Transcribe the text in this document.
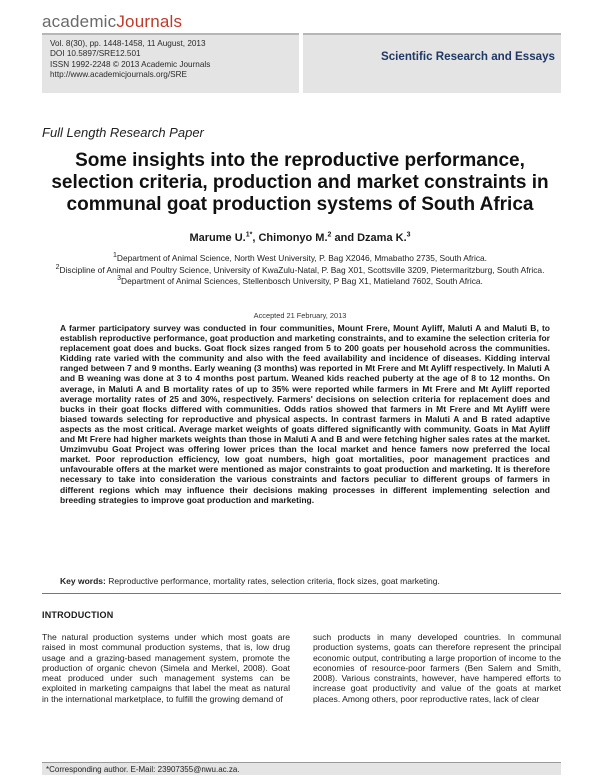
academicJournals
Vol. 8(30), pp. 1448-1458, 11 August, 2013
DOI 10.5897/SRE12.501
ISSN 1992-2248 © 2013 Academic Journals
http://www.academicjournals.org/SRE
Scientific Research and Essays
Full Length Research Paper
Some insights into the reproductive performance, selection criteria, production and market constraints in communal goat production systems of South Africa
Marume U.$^{1*}$, Chimonyo M.$^2$ and Dzama K.$^3$
$^1$Department of Animal Science, North West University, P. Bag X2046, Mmabatho 2735, South Africa.
$^2$Discipline of Animal and Poultry Science, University of KwaZulu-Natal, P. Bag X01, Scottsville 3209, Pietermaritzburg, South Africa.
$^3$Department of Animal Sciences, Stellenbosch University, P Bag X1, Matieland 7602, South Africa.
Accepted 21 February, 2013
A farmer participatory survey was conducted in four communities, Mount Frere, Mount Ayliff, Maluti A and Maluti B, to establish reproductive performance, goat production and marketing constraints, and to examine the selection criteria for replacement goat does and bucks. Goat flock sizes ranged from 5 to 200 goats per household across the communities. Kidding rate varied with the community and also with the feed availability and incidence of diseases. Kidding interval ranged between 7 and 9 months. Early weaning (3 months) was reported in Mt Frere and Mt Ayliff respectively. In Maluti A and B weaning was done at 3 to 4 months post partum. Weaned kids reached puberty at the age of 8 to 12 months. On average, in Maluti A and B mortality rates of up to 35% were reported while farmers in Mt Frere and Mt Ayliff reported average mortality rates of 25 and 30%, respectively. Farmers' decisions on selection criteria for replacement does and bucks in their goat flocks differed with communities. Odds ratios showed that farmers in Mt Frere and Mt Ayliff were biased towards selecting for reproductive and physical aspects. In contrast farmers in Maluti A and B rated adaptive aspects as the most critical. Average market weights of goats differed significantly with community. Goats in Mat Ayliff and Mt Frere had higher markets weights than those in Maluti A and B and were fetching higher sales rates at the market. Umzimvubu Goat Project was offering lower prices than the local market and hence famers now preferred the local market. Poor reproduction efficiency, low goat numbers, high goat mortalities, poor management practices and unfavourable offers at the market were mentioned as major constraints to goat production and marketing. It is therefore necessary to take into consideration the various constraints and factors peculiar to different groups of farmers in different regions which may influence their decisions making processes in different implementing selection and breeding strategies to improve goat production and marketing.
Key words: Reproductive performance, mortality rates, selection criteria, flock sizes, goat marketing.
INTRODUCTION
The natural production systems under which most goats are raised in most communal production systems, that is, low drug usage and a grazing-based management system, promote the production of organic chevon (Simela and Merkel, 2008). Goat meat produced under such management systems can be exploited in marketing campaigns that label the meat as natural in the international marketplace, to fulfill the growing demand of
such products in many developed countries. In communal production systems, goats can therefore represent the principal economic output, contributing a large proportion of income to the economies of resource-poor farmers (Ben Salem and Smith, 2008). Various constraints, however, have hampered efforts to increase goat productivity and value of the goats at market places. Among others, poor reproductive rates, lack of clear
*Corresponding author. E-Mail: 23907355@nwu.ac.za.
